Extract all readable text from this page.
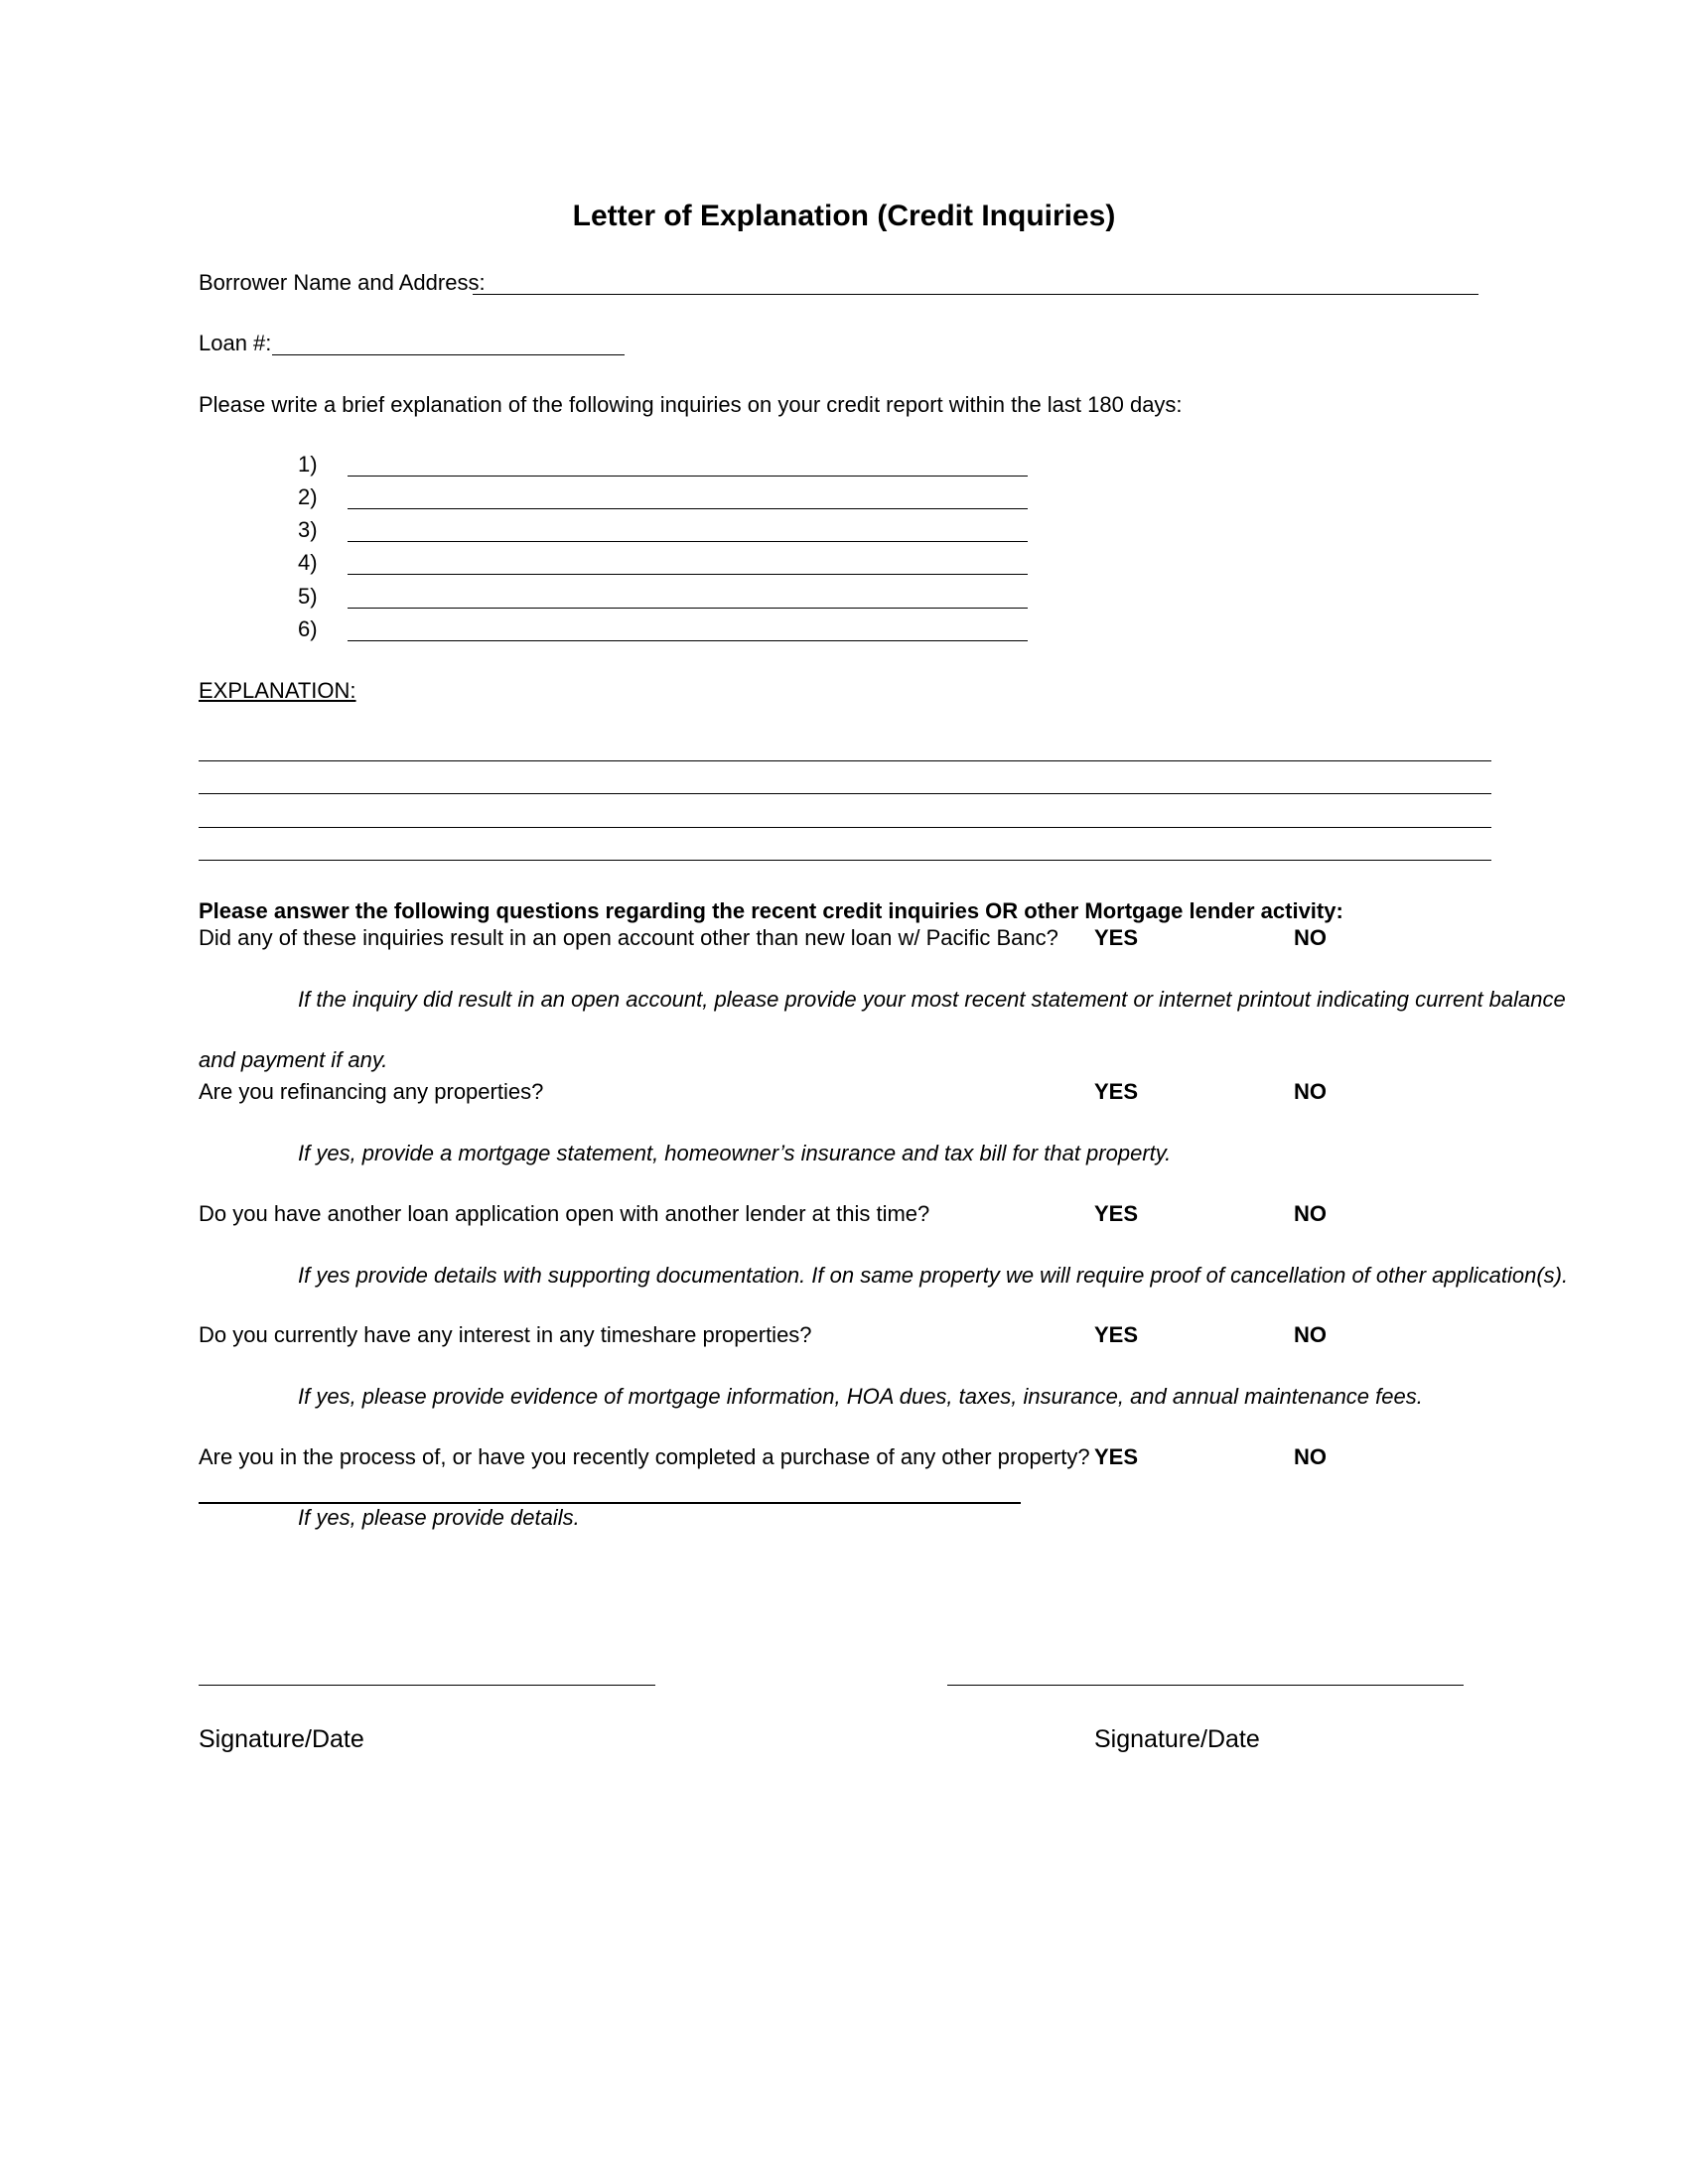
Letter of Explanation (Credit Inquiries)
Borrower Name and Address:
Loan #:
Please write a brief explanation of the following inquiries on your credit report within the last 180 days:
1)
2)
3)
4)
5)
6)
EXPLANATION:
Please answer the following questions regarding the recent credit inquiries OR other Mortgage lender activity:
Did any of these inquiries result in an open account other than new loan w/ Pacific Banc? YES	NO
If the inquiry did result in an open account, please provide your most recent statement or internet printout indicating current balance
and payment if any.
Are you refinancing any properties?	YES	NO
If yes, provide a mortgage statement, homeowner’s insurance and tax bill for that property.
Do you have another loan application open with another lender at this time?	YES	NO
If yes provide details with supporting documentation. If on same property we will require proof of cancellation of other application(s).
Do you currently have any interest in any timeshare properties?	YES	NO
If yes, please provide evidence of mortgage information, HOA dues, taxes, insurance, and annual maintenance fees.
Are you in the process of, or have you recently completed a purchase of any other property? YES	NO
If yes, please provide details.
Signature/Date	Signature/Date
